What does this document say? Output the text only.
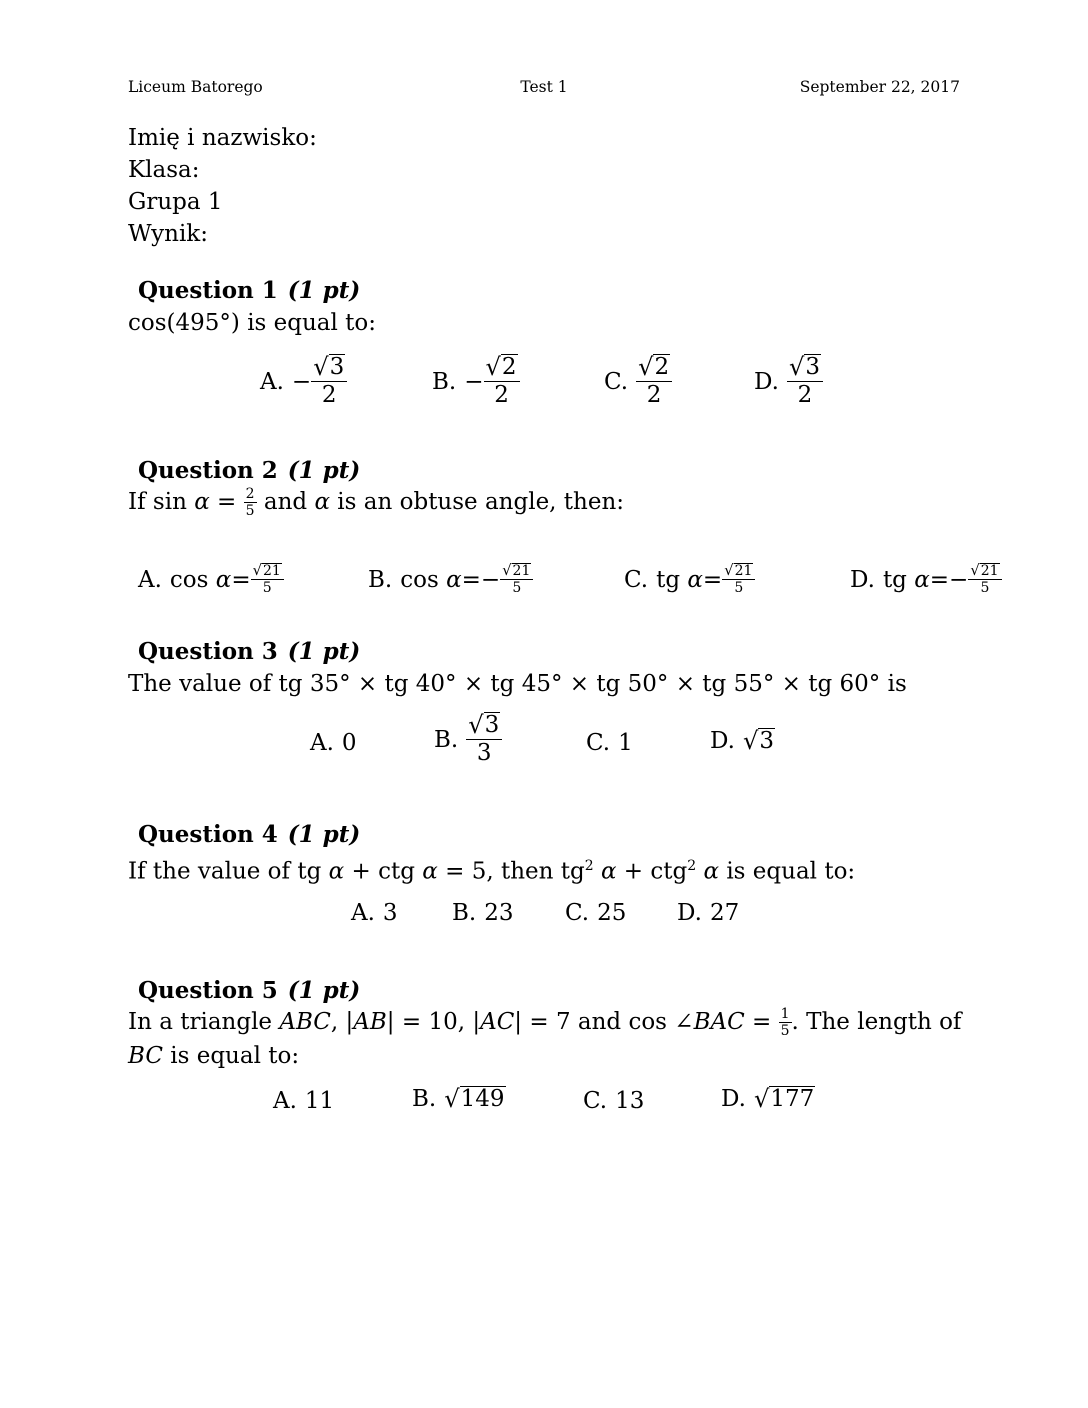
Liceum Batorego	Test 1	September 22, 2017
Imię i nazwisko:
Klasa:
Grupa 1
Wynik:
Question 1 (1 pt)
cos(495°) is equal to:
A. − $\frac{√ 3}{2}$	B. − $\frac{√ 2}{2}$	C. $\frac{√ 2}{2}$	D. $\frac{√ 3}{2}$
Question 2 (1 pt)
If $\sin \alpha = \frac{2}{5}$ and α is an obtuse angle, then:
A. cos
$\alpha = \frac{√ 21}{5}$	B. cos
α = − $\frac{√ 21}{5}$	C. tg
$\alpha = \frac{√ 21}{5}$	D. tg
α = − $\frac{√ 21}{5}$
Question 3 (1 pt)
The value of tg 35° × tg 40° × tg 45° × tg 50° × tg 55° × tg 60° is
A. 0	B. $\frac{√ 3}{3}$	C. 1	D. √ 3
Question 4 (1 pt)
If the value of tg α + ctg α = 5, then $tg^2$ α + ctg$^2$ α is equal to:
A. 3 B. 23 C. 25 D. 27
Question 5 (1 pt)
In a triangle ABC, |AB| = 10, |AC| = 7 and cos ∠BAC = $\frac{1}{5}$ . The length of
BC is equal to:
A. 11	B. √ 149	C. 13	D. √ 177
